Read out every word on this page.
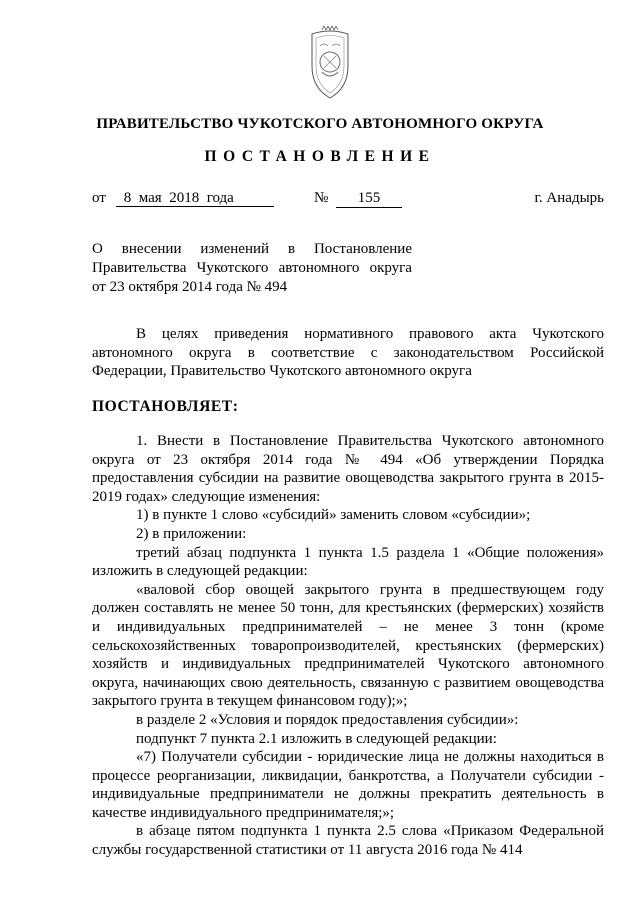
ПРАВИТЕЛЬСТВО ЧУКОТСКОГО АВТОНОМНОГО ОКРУГА
ПОСТАНОВЛЕНИЕ
от 8  мая  2018  года	№	155	г. Анадырь
О внесении изменений в Постановление
Правительства Чукотского автономного округа
от 23 октября 2014 года № 494

В целях приведения нормативного правового акта Чукотского автономного округа в соответствие с законодательством Российской Федерации, Правительство Чукотского автономного округа

ПОСТАНОВЛЯЕТ:

1. Внести в Постановление Правительства Чукотского автономного округа от 23 октября 2014 года № 494 «Об утверждении Порядка предоставления субсидии на развитие овощеводства закрытого грунта в 2015-2019 годах» следующие изменения:

1) в пункте 1 слово «субсидий» заменить словом «субсидии»;

2) в приложении:

третий абзац подпункта 1 пункта 1.5 раздела 1 «Общие положения» изложить в следующей редакции:

«валовой сбор овощей закрытого грунта в предшествующем году должен составлять не менее 50 тонн, для крестьянских (фермерских) хозяйств и индивидуальных предпринимателей – не менее 3 тонн (кроме сельскохозяйственных товаропроизводителей, крестьянских (фермерских) хозяйств и индивидуальных предпринимателей Чукотского автономного округа, начинающих свою деятельность, связанную с развитием овощеводства закрытого грунта в текущем финансовом году);»;

в разделе 2 «Условия и порядок предоставления субсидии»:

подпункт 7 пункта 2.1 изложить в следующей редакции:

«7) Получатели субсидии - юридические лица не должны находиться в процессе реорганизации, ликвидации, банкротства, а Получатели субсидии - индивидуальные предприниматели не должны прекратить деятельность в качестве индивидуального предпринимателя;»;

в абзаце пятом подпункта 1 пункта 2.5 слова «Приказом Федеральной службы государственной статистики от 11 августа 2016 года № 414
